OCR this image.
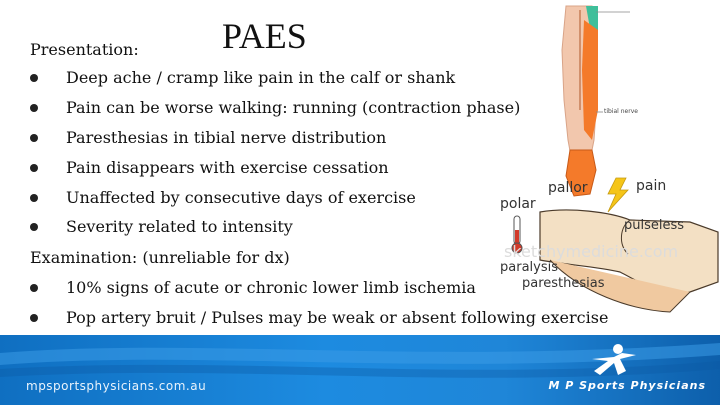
PAES
Presentation:
Deep ache / cramp like pain in the calf or shank
Pain can be worse walking: running (contraction phase)
Paresthesias in tibial nerve distribution
Pain disappears with exercise cessation
Unaffected by consecutive days of exercise
Severity related to intensity
Examination: (unreliable for dx)
10% signs of acute or chronic lower limb ischemia
Pop artery bruit / Pulses may be weak or absent following exercise
tibial nerve
pallor	pain
polar
pulseless
paralysis
paresthesias
sketchymedicine.com
mpsportsphysicians.com.au	M P Sports Physicians
